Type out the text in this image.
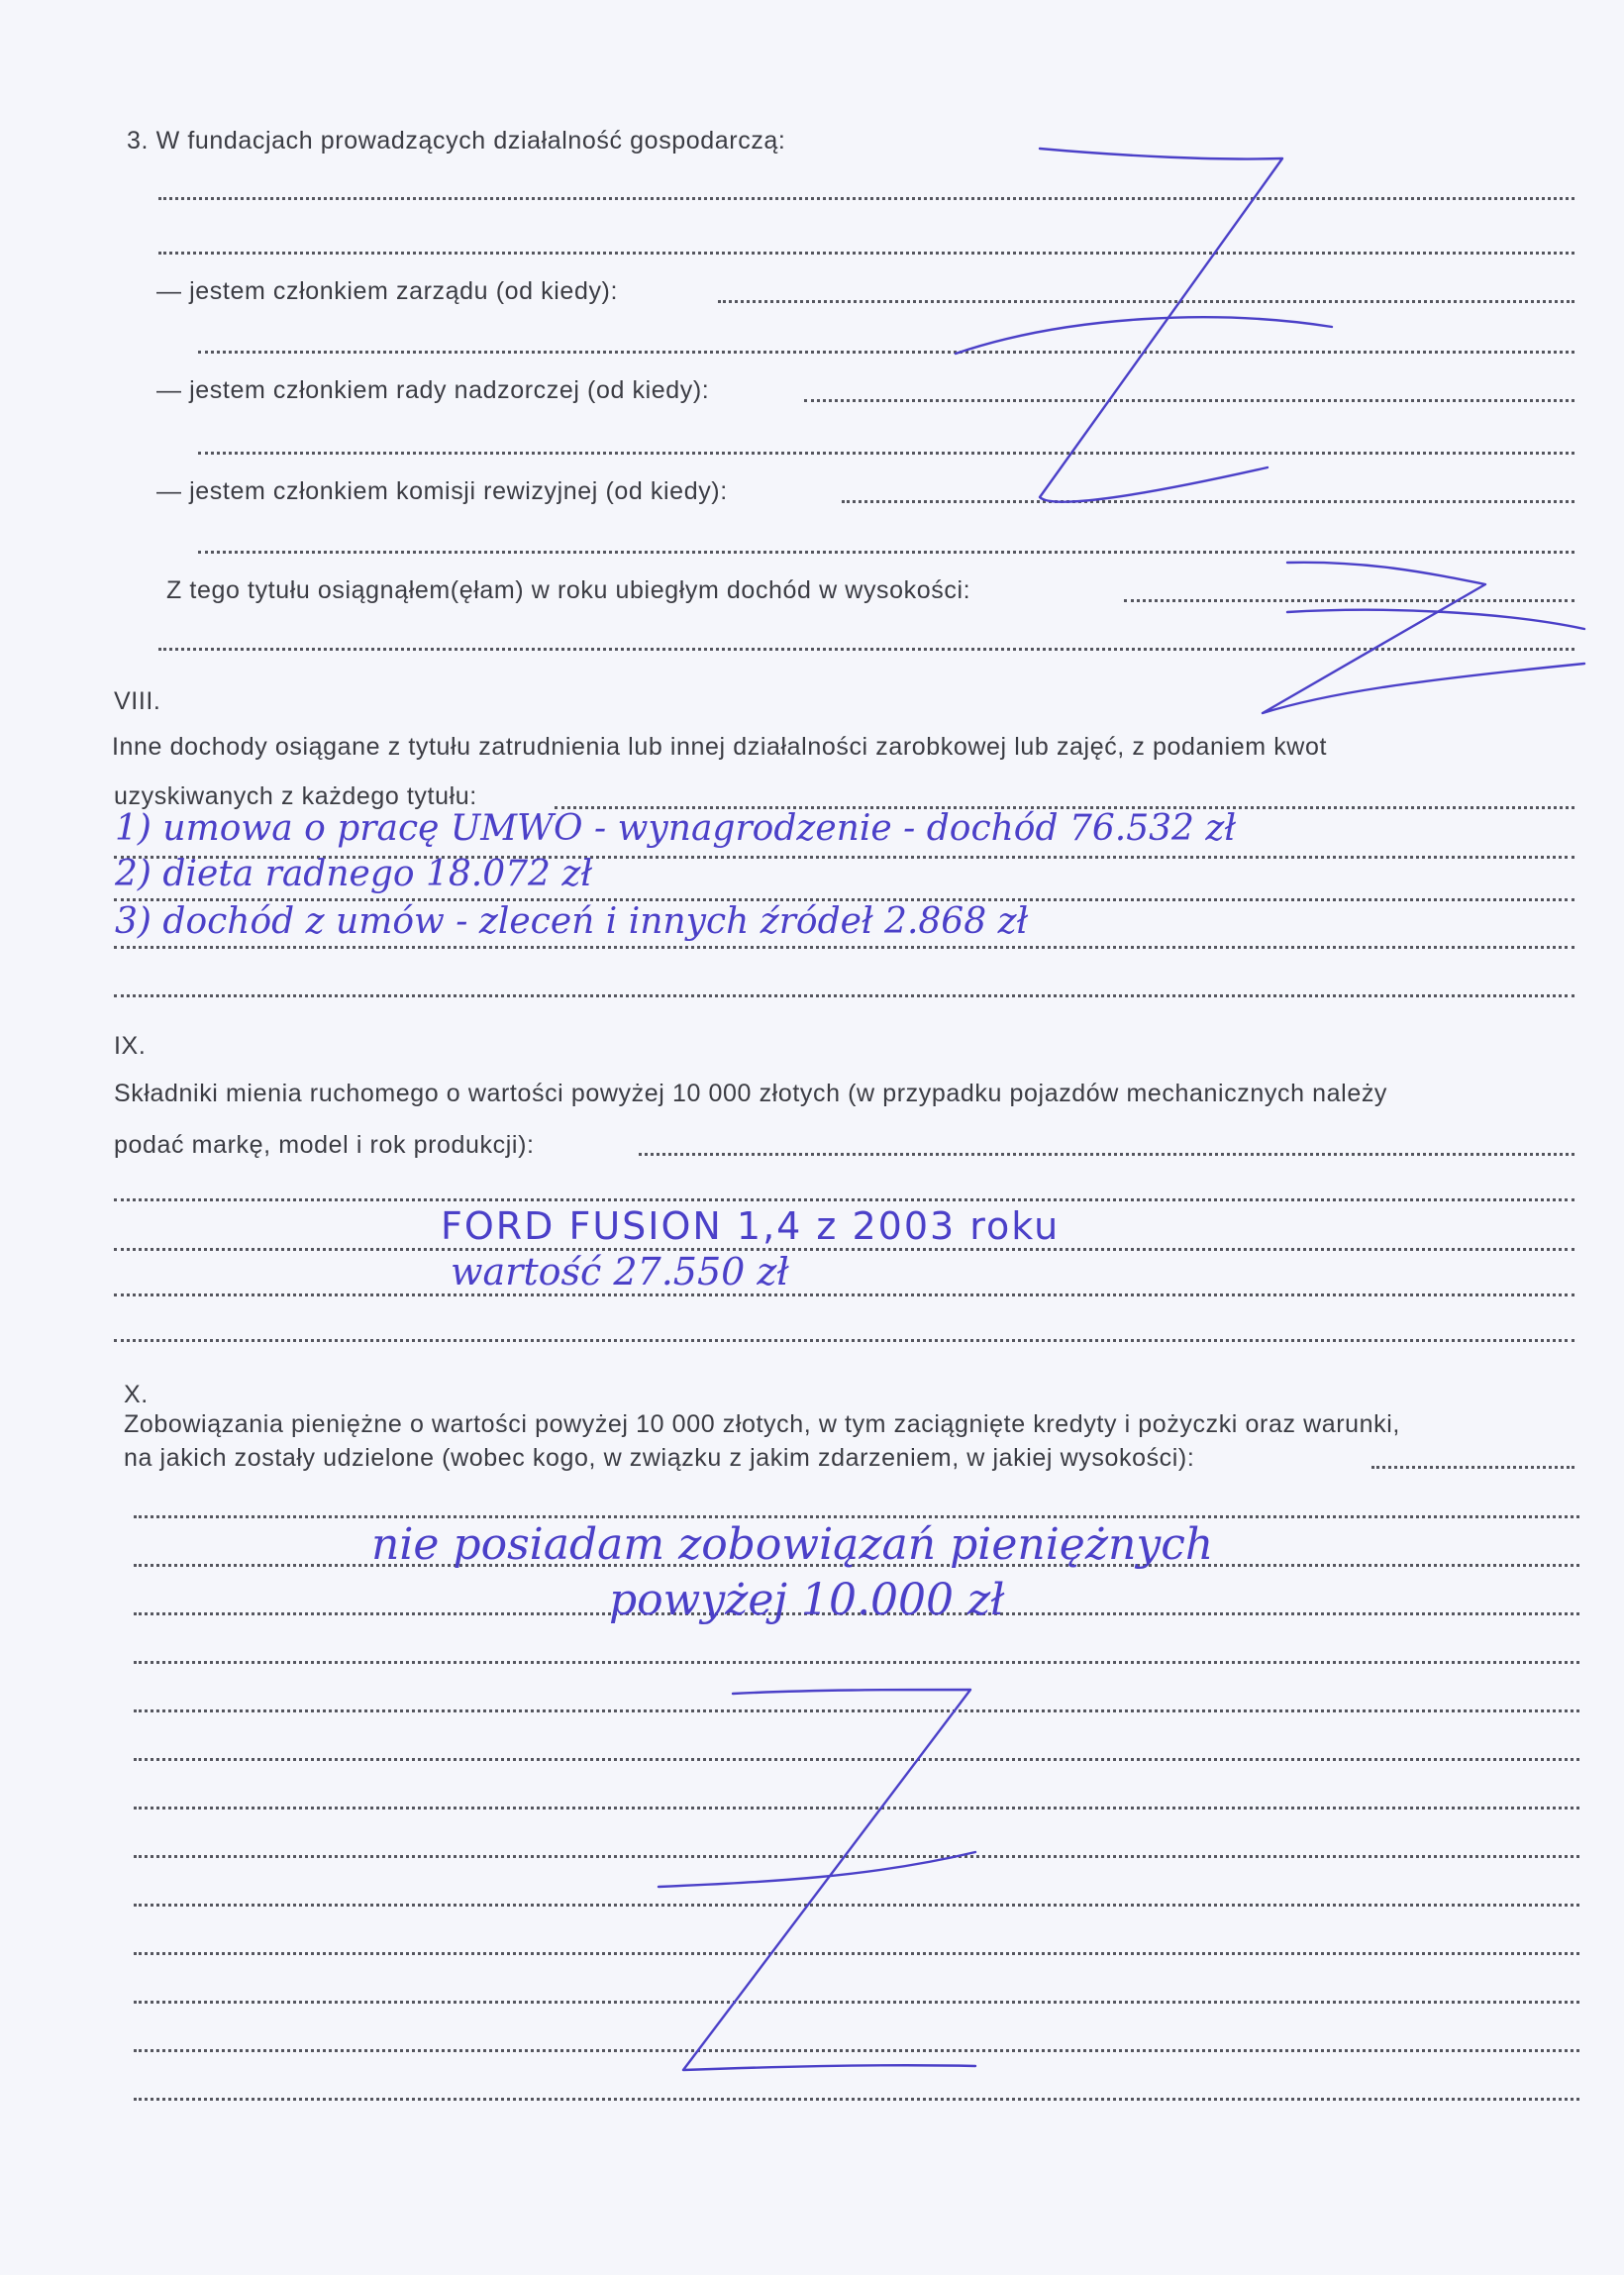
3. W fundacjach prowadzących działalność gospodarczą:
— jestem członkiem zarządu (od kiedy):
— jestem członkiem rady nadzorczej (od kiedy):
— jestem członkiem komisji rewizyjnej (od kiedy):
Z tego tytułu osiągnąłem(ęłam) w roku ubiegłym dochód w wysokości:
VIII.
Inne dochody osiągane z tytułu zatrudnienia lub innej działalności zarobkowej lub zajęć, z podaniem kwot
uzyskiwanych z każdego tytułu:
1) umowa o pracę UMWO - wynagrodzenie - dochód 76.532 zł
2) dieta radnego 18.072 zł
3) dochód z umów - zleceń i innych źródeł 2.868 zł
IX.
Składniki mienia ruchomego o wartości powyżej 10 000 złotych (w przypadku pojazdów mechanicznych należy
podać markę, model i rok produkcji):
FORD FUSION 1,4 z 2003 roku
wartość 27.550 zł
X.
Zobowiązania pieniężne o wartości powyżej 10 000 złotych, w tym zaciągnięte kredyty i pożyczki oraz warunki,
na jakich zostały udzielone (wobec kogo, w związku z jakim zdarzeniem, w jakiej wysokości):
nie posiadam zobowiązań pieniężnych
powyżej 10.000 zł
